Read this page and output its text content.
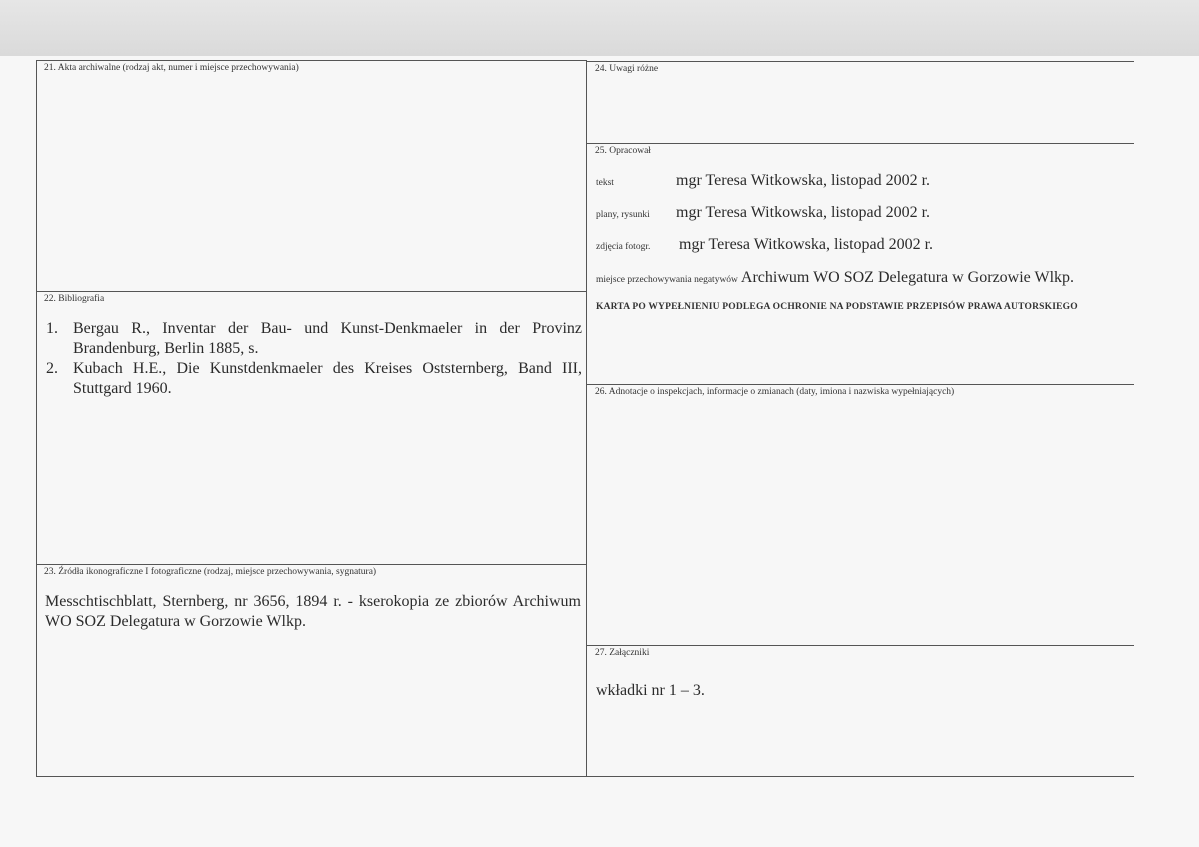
21. Akta archiwalne (rodzaj akt, numer i miejsce przechowywania)
22. Bibliografia
1. Bergau R., Inventar der Bau- und Kunst-Denkmaeler in der Provinz Brandenburg, Berlin 1885, s.
2. Kubach H.E., Die Kunstdenkmaeler des Kreises Oststernberg, Band III, Stuttgard 1960.
23. Źródła ikonograficzne I fotograficzne (rodzaj, miejsce przechowywania, sygnatura)
Messchtischblatt, Sternberg, nr 3656, 1894 r. - kserokopia ze zbiorów Archiwum WO SOZ Delegatura w Gorzowie Wlkp.
24. Uwagi różne
25. Opracował
tekst	mgr Teresa Witkowska, listopad 2002 r.
plany, rysunki mgr Teresa Witkowska, listopad 2002 r.
zdjęcia fotogr. mgr Teresa Witkowska, listopad 2002 r.
miejsce przechowywania negatywów Archiwum WO SOZ Delegatura w Gorzowie Wlkp.
KARTA PO WYPEŁNIENIU PODLEGA OCHRONIE NA PODSTAWIE PRZEPISÓW PRAWA AUTORSKIEGO
26. Adnotacje o inspekcjach, informacje o zmianach (daty, imiona i nazwiska wypełniających)
27. Załączniki
wkładki nr 1 – 3.
